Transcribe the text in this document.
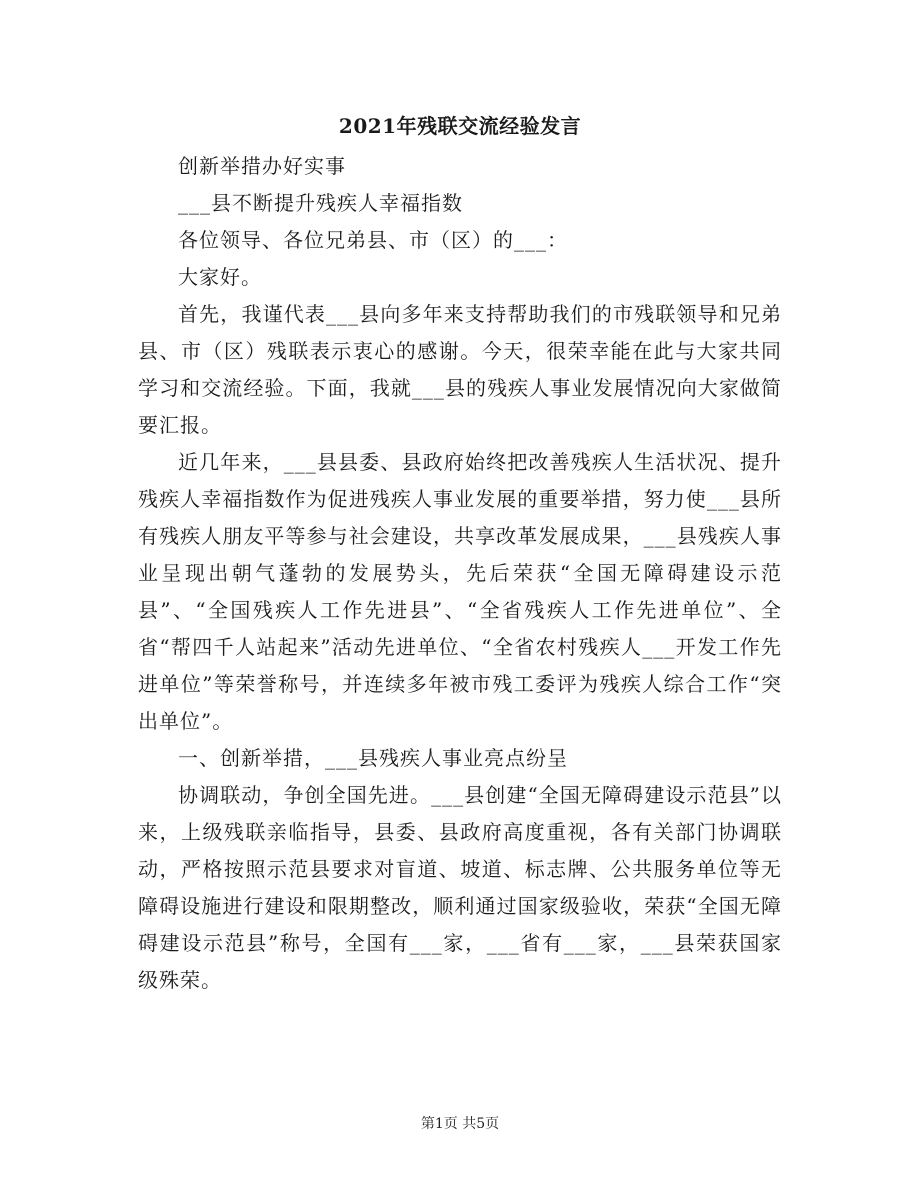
2021年残联交流经验发言

创新举措办好实事

___县不断提升残疾人幸福指数

各位领导、各位兄弟县、市（区）的___：

大家好。

首先，我谨代表___县向多年来支持帮助我们的市残联领导和兄弟县、市（区）残联表示衷心的感谢。今天，很荣幸能在此与大家共同学习和交流经验。下面，我就___县的残疾人事业发展情况向大家做简要汇报。

近几年来，___县县委、县政府始终把改善残疾人生活状况、提升残疾人幸福指数作为促进残疾人事业发展的重要举措，努力使___县所有残疾人朋友平等参与社会建设，共享改革发展成果，___县残疾人事业呈现出朝气蓬勃的发展势头，先后荣获“全国无障碍建设示范县”、“全国残疾人工作先进县”、“全省残疾人工作先进单位”、全省“帮四千人站起来”活动先进单位、“全省农村残疾人___开发工作先进单位”等荣誉称号，并连续多年被市残工委评为残疾人综合工作“突出单位”。

一、创新举措，___县残疾人事业亮点纷呈

协调联动，争创全国先进。___县创建“全国无障碍建设示范县”以来，上级残联亲临指导，县委、县政府高度重视，各有关部门协调联动，严格按照示范县要求对盲道、坡道、标志牌、公共服务单位等无障碍设施进行建设和限期整改，顺利通过国家级验收，荣获“全国无障碍建设示范县”称号，全国有___家，___省有___家，___县荣获国家级殊荣。

第1页 共5页
